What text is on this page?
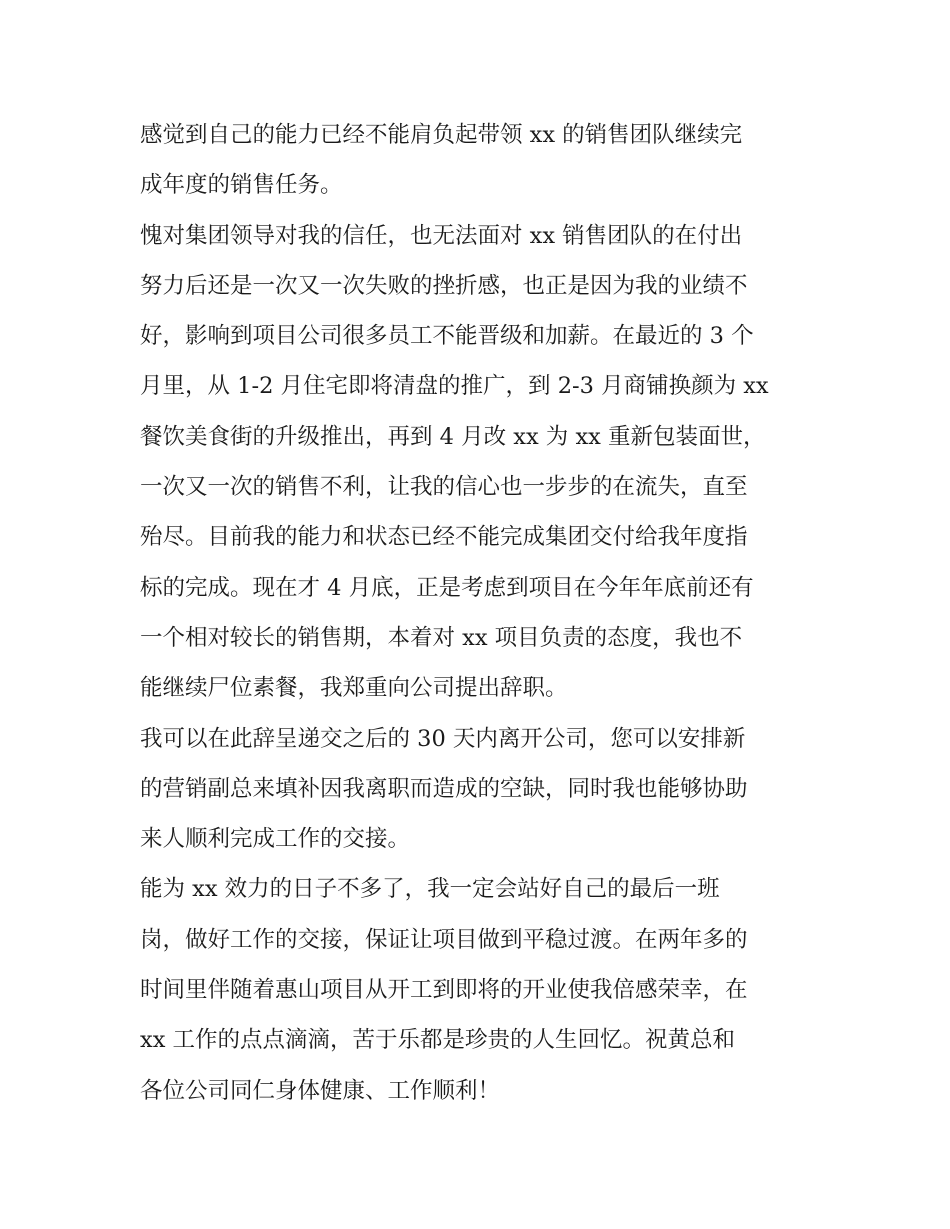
感觉到自己的能力已经不能肩负起带领 xx 的销售团队继续完
成年度的销售任务。
愧对集团领导对我的信任，也无法面对 xx 销售团队的在付出
努力后还是一次又一次失败的挫折感，也正是因为我的业绩不
好，影响到项目公司很多员工不能晋级和加薪。在最近的 3 个
月里，从 1-2 月住宅即将清盘的推广，到 2-3 月商铺换颜为 xx
餐饮美食街的升级推出，再到 4 月改 xx 为 xx 重新包装面世，
一次又一次的销售不利，让我的信心也一步步的在流失，直至
殆尽。目前我的能力和状态已经不能完成集团交付给我年度指
标的完成。现在才 4 月底，正是考虑到项目在今年年底前还有
一个相对较长的销售期，本着对 xx 项目负责的态度，我也不
能继续尸位素餐，我郑重向公司提出辞职。
我可以在此辞呈递交之后的 30 天内离开公司，您可以安排新
的营销副总来填补因我离职而造成的空缺，同时我也能够协助
来人顺利完成工作的交接。
能为 xx 效力的日子不多了，我一定会站好自己的最后一班
岗，做好工作的交接，保证让项目做到平稳过渡。在两年多的
时间里伴随着惠山项目从开工到即将的开业使我倍感荣幸，在
xx 工作的点点滴滴，苦于乐都是珍贵的人生回忆。祝黄总和
各位公司同仁身体健康、工作顺利！
